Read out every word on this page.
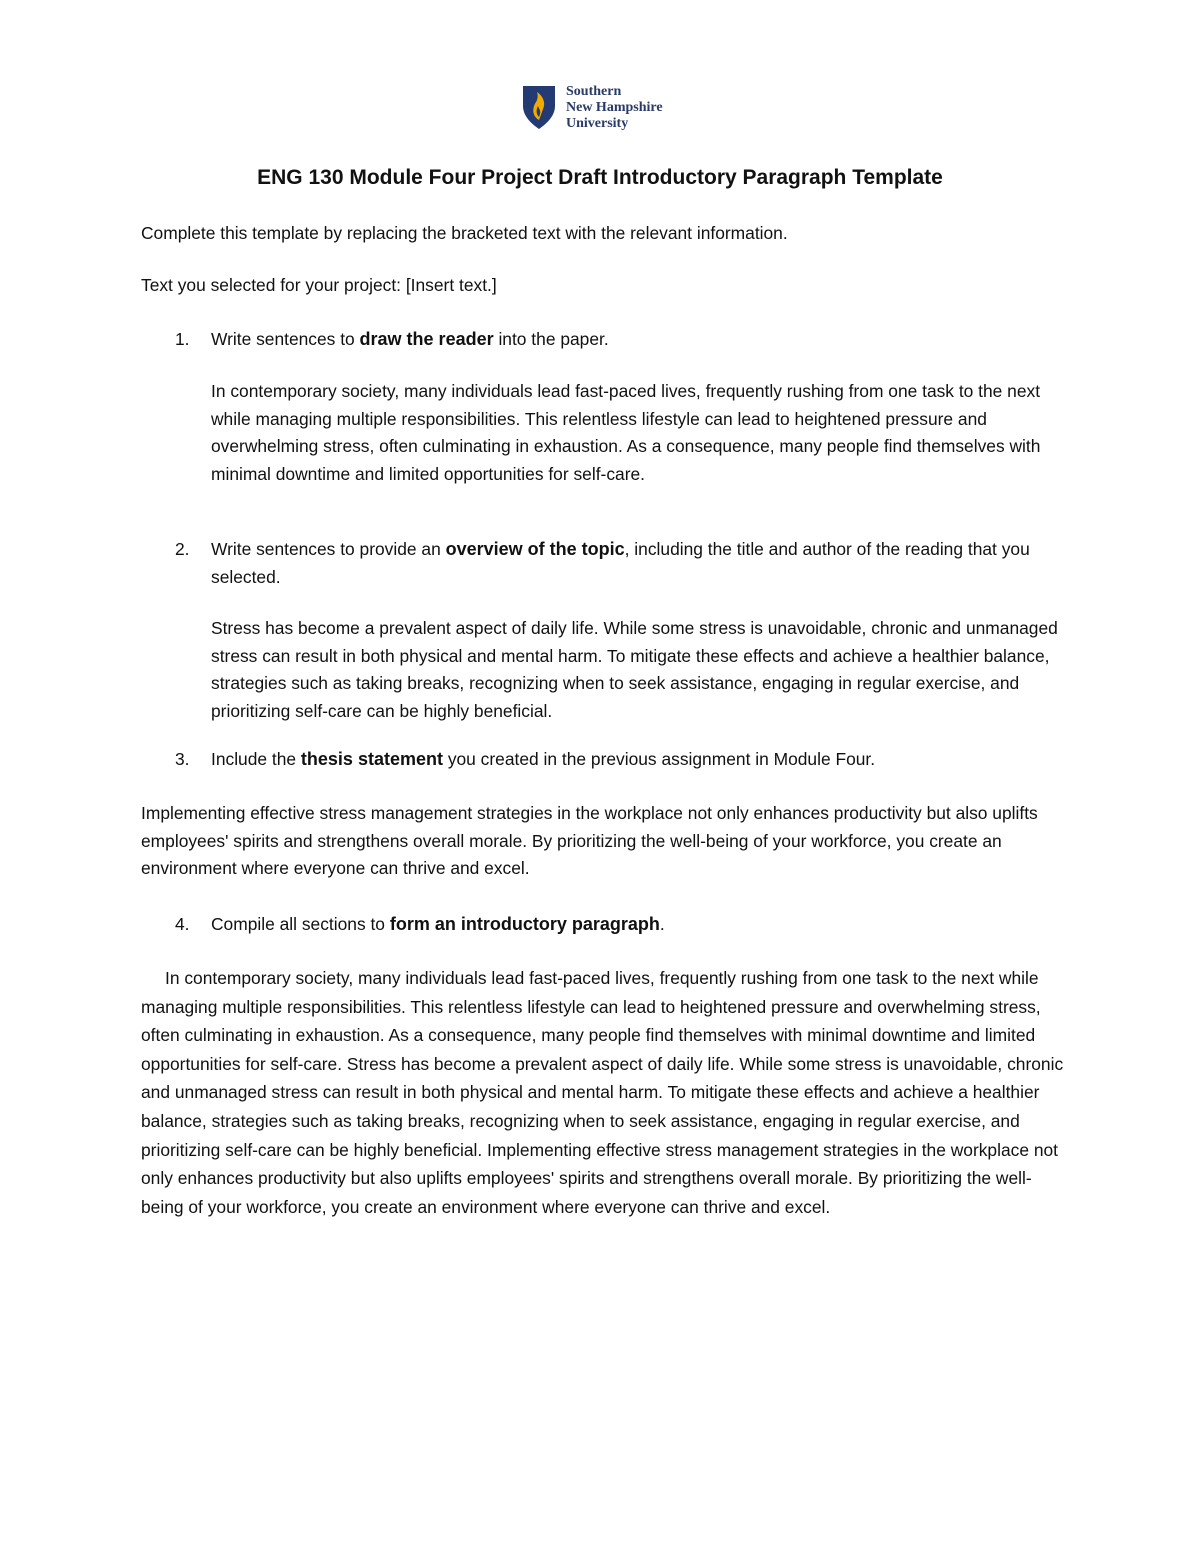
Southern
New Hampshire
University
ENG 130 Module Four Project Draft Introductory Paragraph Template
Complete this template by replacing the bracketed text with the relevant information.
Text you selected for your project: [Insert text.]
1. Write sentences to draw the reader into the paper.
In contemporary society, many individuals lead fast-paced lives, frequently rushing from one task to the next while managing multiple responsibilities. This relentless lifestyle can lead to heightened pressure and overwhelming stress, often culminating in exhaustion. As a consequence, many people find themselves with minimal downtime and limited opportunities for self-care.
2. Write sentences to provide an overview of the topic, including the title and author of the reading that you selected.
Stress has become a prevalent aspect of daily life. While some stress is unavoidable, chronic and unmanaged stress can result in both physical and mental harm. To mitigate these effects and achieve a healthier balance, strategies such as taking breaks, recognizing when to seek assistance, engaging in regular exercise, and prioritizing self-care can be highly beneficial.
3. Include the thesis statement you created in the previous assignment in Module Four.
Implementing effective stress management strategies in the workplace not only enhances productivity but also uplifts employees' spirits and strengthens overall morale. By prioritizing the well-being of your workforce, you create an environment where everyone can thrive and excel.
4. Compile all sections to form an introductory paragraph.
In contemporary society, many individuals lead fast-paced lives, frequently rushing from one task to the next while managing multiple responsibilities. This relentless lifestyle can lead to heightened pressure and overwhelming stress, often culminating in exhaustion. As a consequence, many people find themselves with minimal downtime and limited opportunities for self-care. Stress has become a prevalent aspect of daily life. While some stress is unavoidable, chronic and unmanaged stress can result in both physical and mental harm. To mitigate these effects and achieve a healthier balance, strategies such as taking breaks, recognizing when to seek assistance, engaging in regular exercise, and prioritizing self-care can be highly beneficial. Implementing effective stress management strategies in the workplace not only enhances productivity but also uplifts employees' spirits and strengthens overall morale. By prioritizing the well-being of your workforce, you create an environment where everyone can thrive and excel.
